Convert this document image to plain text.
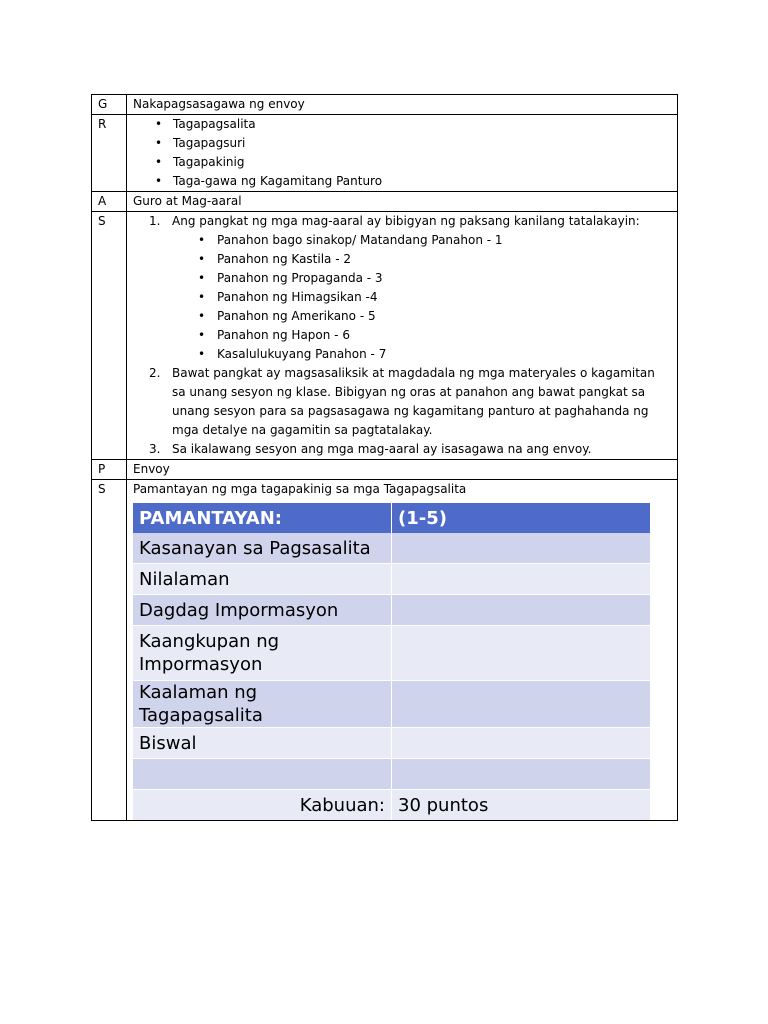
G	Nakapagsasagawa ng envoy
R	
•Tagapagsalita
• Tagapagsuri
• Tagapakinig
• Taga-gawa ng Kagamitang Panturo

A	Guro at Mag-aaral
S	1. Ang pangkat ng mga mag-aaral ay bibigyan ng paksang kanilang tatalakayin:
• Panahon bago sinakop/ Matandang Panahon - 1
• Panahon ng Kastila - 2
• Panahon ng Propaganda - 3
• Panahon ng Himagsikan -4
• Panahon ng Amerikano - 5
• Panahon ng Hapon - 6
• Kasalulukuyang Panahon - 7
2. Bawat pangkat ay magsasaliksik at magdadala ng mga materyales o kagamitan sa unang sesyon ng klase. Bibigyan ng oras at panahon ang bawat pangkat sa unang sesyon para sa pagsasagawa ng kagamitang panturo at paghahanda ng mga detalye na gagamitin sa pagtatalakay.
3. Sa ikalawang sesyon ang mga mag-aaral ay isasagawa na ang envoy.

P	Envoy
S	Pamantayan ng mga tagapakinig sa mga Tagapagsalita
PAMANTAYAN:	(1-5)
Kasanayan sa Pagsasalita	
Nilalaman	
Dagdag Impormasyon	
Kaangkupan ng Impormasyon	
Kaalaman ng Tagapagsalita	
Biswal	

Kabuuan:	30 puntos
